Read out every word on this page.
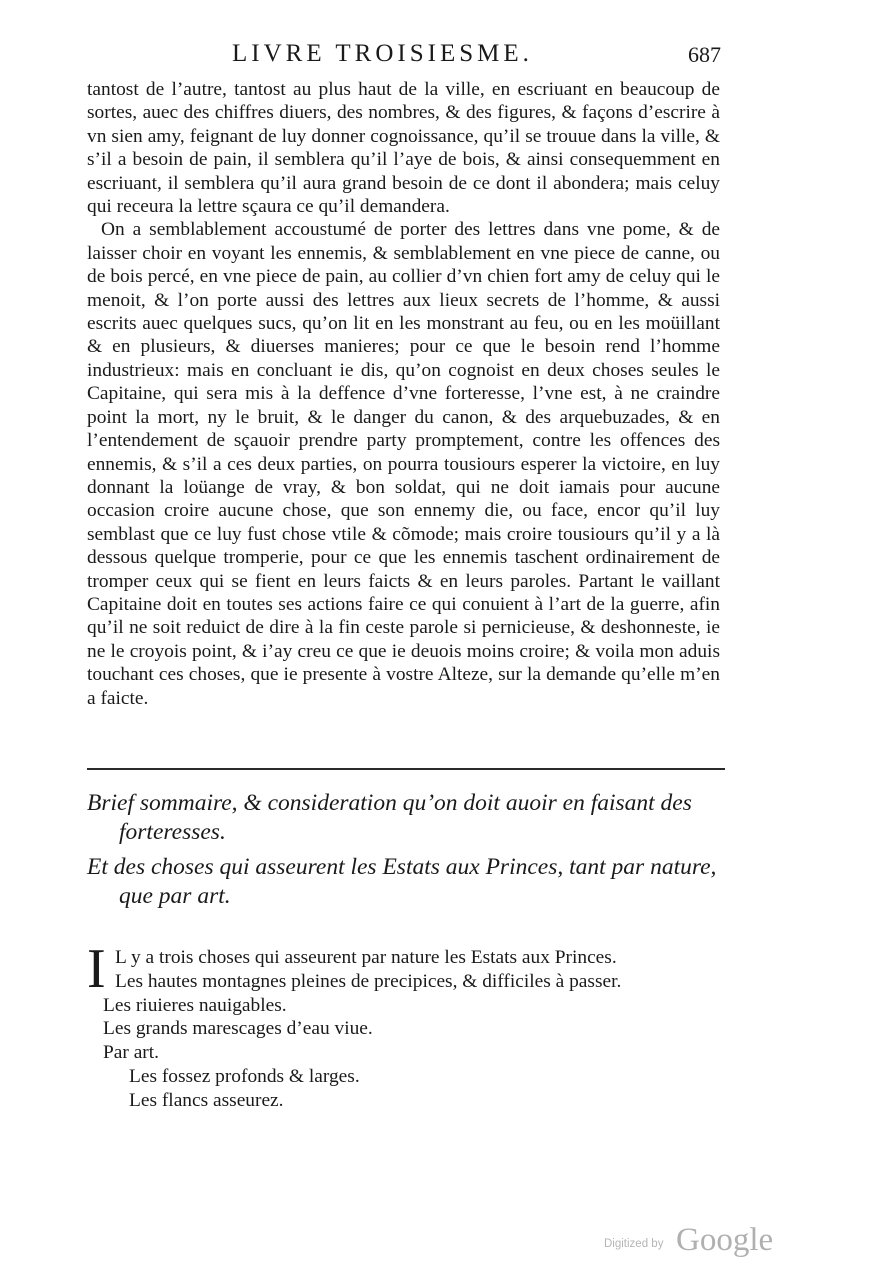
LIVRE TROISIESME.	687

tantost de l’autre, tantost au plus haut de la ville, en escriuant en beaucoup de sortes, auec des chiffres diuers, des nombres, & des figures, & façons d’escrire à vn sien amy, feignant de luy donner cognoissance, qu’il se trouue dans la ville, & s’il a besoin de pain, il semblera qu’il l’aye de bois, & ainsi consequemment en escriuant, il semblera qu’il aura grand besoin de ce dont il abondera; mais celuy qui receura la lettre sçaura ce qu’il demandera.

On a semblablement accoustumé de porter des lettres dans vne pome, & de laisser choir en voyant les ennemis, & semblablement en vne piece de canne, ou de bois percé, en vne piece de pain, au collier d’vn chien fort amy de celuy qui le menoit, & l’on porte aussi des lettres aux lieux secrets de l’homme, & aussi escrits auec quelques sucs, qu’on lit en les monstrant au feu, ou en les moüillant & en plusieurs, & diuerses manieres; pour ce que le besoin rend l’homme industrieux: mais en concluant ie dis, qu’on cognoist en deux choses seules le Capitaine, qui sera mis à la deffence d’vne forteresse, l’vne est, à ne craindre point la mort, ny le bruit, & le danger du canon, & des arquebuzades, & en l’entendement de sçauoir prendre party promptement, contre les offences des ennemis, & s’il a ces deux parties, on pourra tousiours esperer la victoire, en luy donnant la loüange de vray, & bon soldat, qui ne doit iamais pour aucune occasion croire aucune chose, que son ennemy die, ou face, encor qu’il luy semblast que ce luy fust chose vtile & cõmode; mais croire tousiours qu’il y a là dessous quelque tromperie, pour ce que les ennemis taschent ordinairement de tromper ceux qui se fient en leurs faicts & en leurs paroles. Partant le vaillant Capitaine doit en toutes ses actions faire ce qui conuient à l’art de la guerre, afin qu’il ne soit reduict de dire à la fin ceste parole si pernicieuse, & deshonneste, ie ne le croyois point, & i’ay creu ce que ie deuois moins croire; & voila mon aduis touchant ces choses, que ie presente à vostre Alteze, sur la demande qu’elle m’en a faicte.

Brief sommaire, & consideration qu’on doit auoir en faisant des forteresses.

Et des choses qui asseurent les Estats aux Princes, tant par nature, que par art.

I L y a trois choses qui asseurent par nature les Estats aux Princes.

Les hautes montagnes pleines de precipices, & difficiles à passer.

Les riuieres nauigables.

Les grands marescages d’eau viue.

Par art.

Les fossez profonds & larges.

Les flancs asseurez.

Digitized by Google
